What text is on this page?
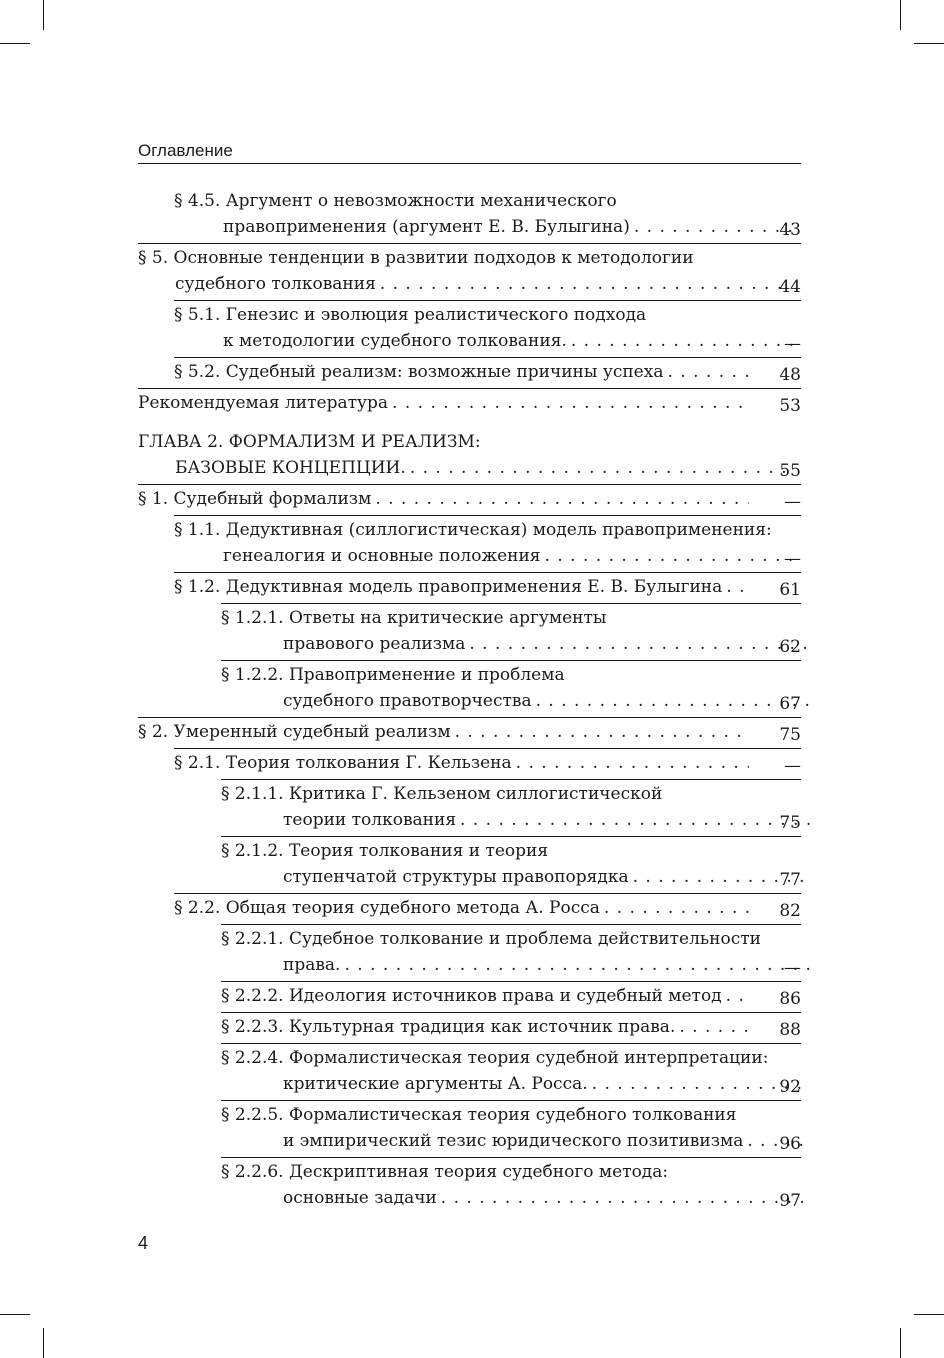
Оглавление
§ 4.5. Аргумент о невозможности механического
правоприменения (аргумент Е. В. Булыгина) . . .	43
§ 5. Основные тенденции в развитии подходов к методологии
судебного толкования . . .	44
§ 5.1. Генезис и эволюция реалистического подхода
к методологии судебного толкования. . . .	—
§ 5.2. Судебный реализм: возможные причины успеха . . .	48
Рекомендуемая литература . . .	53
ГЛАВА 2. ФОРМАЛИЗМ И РЕАЛИЗМ:
БАЗОВЫЕ КОНЦЕПЦИИ. . . .	55
§ 1. Судебный формализм . . .	—
§ 1.1. Дедуктивная (силлогистическая) модель правоприменения:
генеалогия и основные положения . . .	—
§ 1.2. Дедуктивная модель правоприменения Е. В. Булыгина . . .	61
§ 1.2.1. Ответы на критические аргументы
правового реализма . . .	62
§ 1.2.2. Правоприменение и проблема
судебного правотворчества . . .	67
§ 2. Умеренный судебный реализм . . .	75
§ 2.1. Теория толкования Г. Кельзена . . .	—
§ 2.1.1. Критика Г. Кельзеном силлогистической
теории толкования . . .	75
§ 2.1.2. Теория толкования и теория
ступенчатой структуры правопорядка . . .	77
§ 2.2. Общая теория судебного метода А. Росса . . .	82
§ 2.2.1. Судебное толкование и проблема действительности
права. . . .	—
§ 2.2.2. Идеология источников права и судебный метод . . .	86
§ 2.2.3. Культурная традиция как источник права. . . .	88
§ 2.2.4. Формалистическая теория судебной интерпретации:
критические аргументы А. Росса. . . .	92
§ 2.2.5. Формалистическая теория судебного толкования
и эмпирический тезис юридического позитивизма . . .	96
§ 2.2.6. Дескриптивная теория судебного метода:
основные задачи . . .	97
4
